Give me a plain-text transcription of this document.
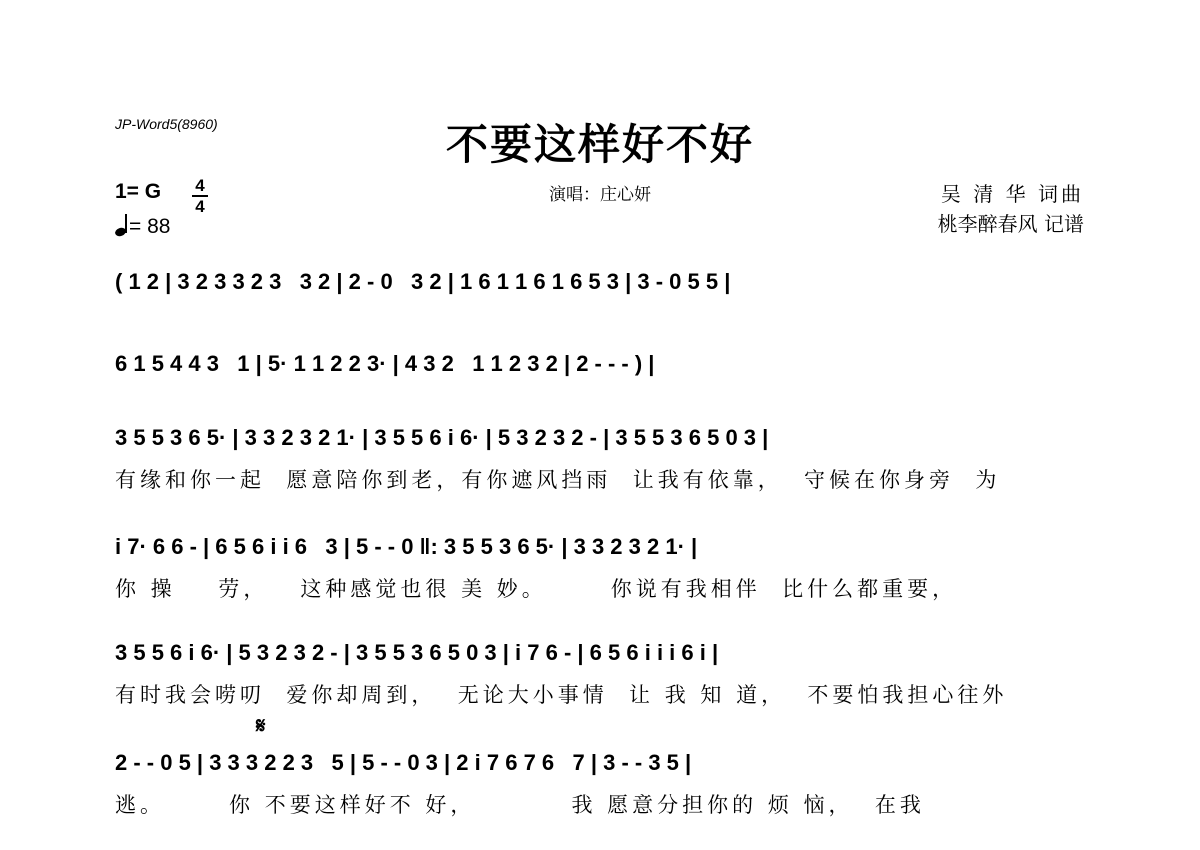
JP-Word5(8960)	不要这样好不好
演唱：庄心妍	吴 清 华 词曲
桃李醉春风 记谱
1= G 4
4
= 88
( 1 2 | 3 2 3 3 2 3   3 2 | 2 - 0   3 2 | 1 6 1 1 6 1 6 5 3 | 3 - 0 5 5 |
6 1 5 4 4 3   1 | 5· 1 1 2 2 3· | 4 3 2   1 1 2 3 2 | 2 - - - ) |
3 5 5 3 6 5· | 3 3 2 3 2 1· | 3 5 5 6 i 6· | 5 3 2 3 2 - | 3 5 5 3 6 5 0 3 |
有缘和你一起  愿意陪你到老，有你遮风挡雨  让我有依靠，  守候在你身旁  为
i 7· 6 6 - | 6 5 6 i i 6   3 | 5 - - 0 ‖: 3 5 5 3 6 5· | 3 3 2 3 2 1· |
你 操    劳，   这种感觉也很 美 妙。      你说有我相伴  比什么都重要，
3 5 5 6 i 6· | 5 3 2 3 2 - | 3 5 5 3 6 5 0 3 | i 7 6 - | 6 5 6 i i i 6 i |
有时我会唠叨  爱你却周到，  无论大小事情  让 我 知 道，  不要怕我担心往外
𝄋
2 - - 0 5 | 3 3 3 2 2 3   5 | 5 - - 0 3 | 2 i 7 6 7 6   7 | 3 - - 3 5 |
逃。      你 不要这样好不 好，         我 愿意分担你的 烦 恼，  在我
